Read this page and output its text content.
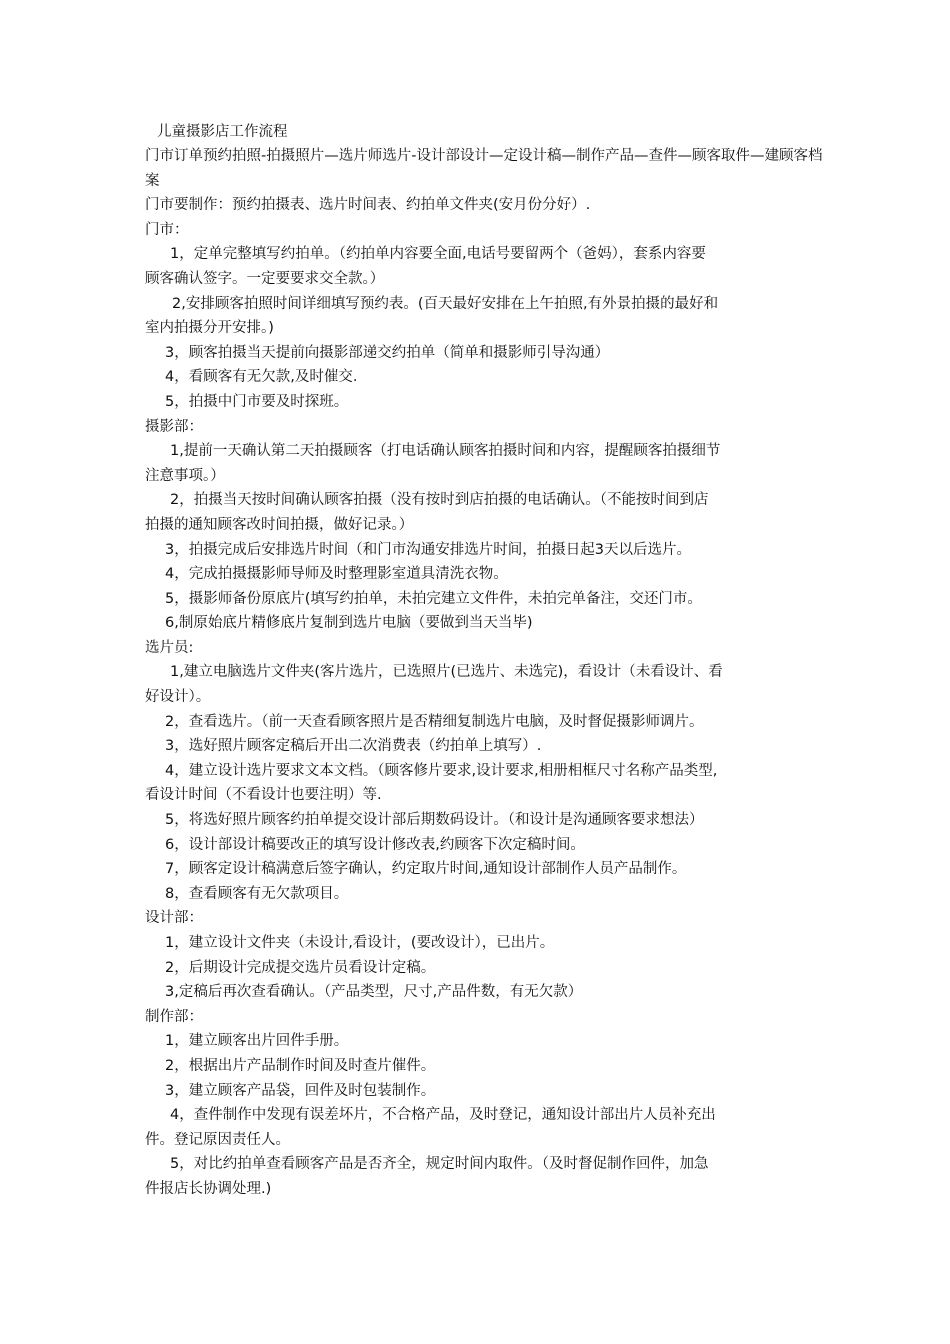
儿童摄影店工作流程
门市订单预约拍照-拍摄照片—选片师选片-设计部设计—定设计稿—制作产品—查件—顾客取件—建顾客档案
门市要制作：预约拍摄表、选片时间表、约拍单文件夹(安月份分好）.
门市：
1，定单完整填写约拍单。（约拍单内容要全面,电话号要留两个（爸妈），套系内容要
顾客确认签字。一定要要求交全款。）
2,安排顾客拍照时间详细填写预约表。(百天最好安排在上午拍照,有外景拍摄的最好和
室内拍摄分开安排。)
3，顾客拍摄当天提前向摄影部递交约拍单（简单和摄影师引导沟通）
4，看顾客有无欠款,及时催交.
5，拍摄中门市要及时探班。
摄影部：
1,提前一天确认第二天拍摄顾客（打电话确认顾客拍摄时间和内容，提醒顾客拍摄细节
注意事项。）
2，拍摄当天按时间确认顾客拍摄（没有按时到店拍摄的电话确认。（不能按时间到店
拍摄的通知顾客改时间拍摄，做好记录。）
3，拍摄完成后安排选片时间（和门市沟通安排选片时间，拍摄日起3天以后选片。
4，完成拍摄摄影师导师及时整理影室道具清洗衣物。
5，摄影师备份原底片(填写约拍单，未拍完建立文件件，未拍完单备注，交还门市。
6,制原始底片精修底片复制到选片电脑（要做到当天当毕)
选片员:
1,建立电脑选片文件夹(客片选片，已选照片(已选片、未选完)，看设计（未看设计、看
好设计）。
2，查看选片。（前一天查看顾客照片是否精细复制选片电脑，及时督促摄影师调片。
3，选好照片顾客定稿后开出二次消费表（约拍单上填写）.
4，建立设计选片要求文本文档。（顾客修片要求,设计要求,相册相框尺寸名称产品类型,
看设计时间（不看设计也要注明）等.
5，将选好照片顾客约拍单提交设计部后期数码设计。（和设计是沟通顾客要求想法）
6，设计部设计稿要改正的填写设计修改表,约顾客下次定稿时间。
7，顾客定设计稿满意后签字确认，约定取片时间,通知设计部制作人员产品制作。
8，查看顾客有无欠款项目。
设计部：
1，建立设计文件夹（未设计,看设计，(要改设计），已出片。
2，后期设计完成提交选片员看设计定稿。
3,定稿后再次查看确认。（产品类型，尺寸,产品件数，有无欠款）
制作部：
1，建立顾客出片回件手册。
2，根据出片产品制作时间及时查片催件。
3，建立顾客产品袋，回件及时包装制作。
4，查件制作中发现有误差坏片，不合格产品，及时登记，通知设计部出片人员补充出
件。登记原因责任人。
5，对比约拍单查看顾客产品是否齐全，规定时间内取件。（及时督促制作回件，加急
件报店长协调处理.)
